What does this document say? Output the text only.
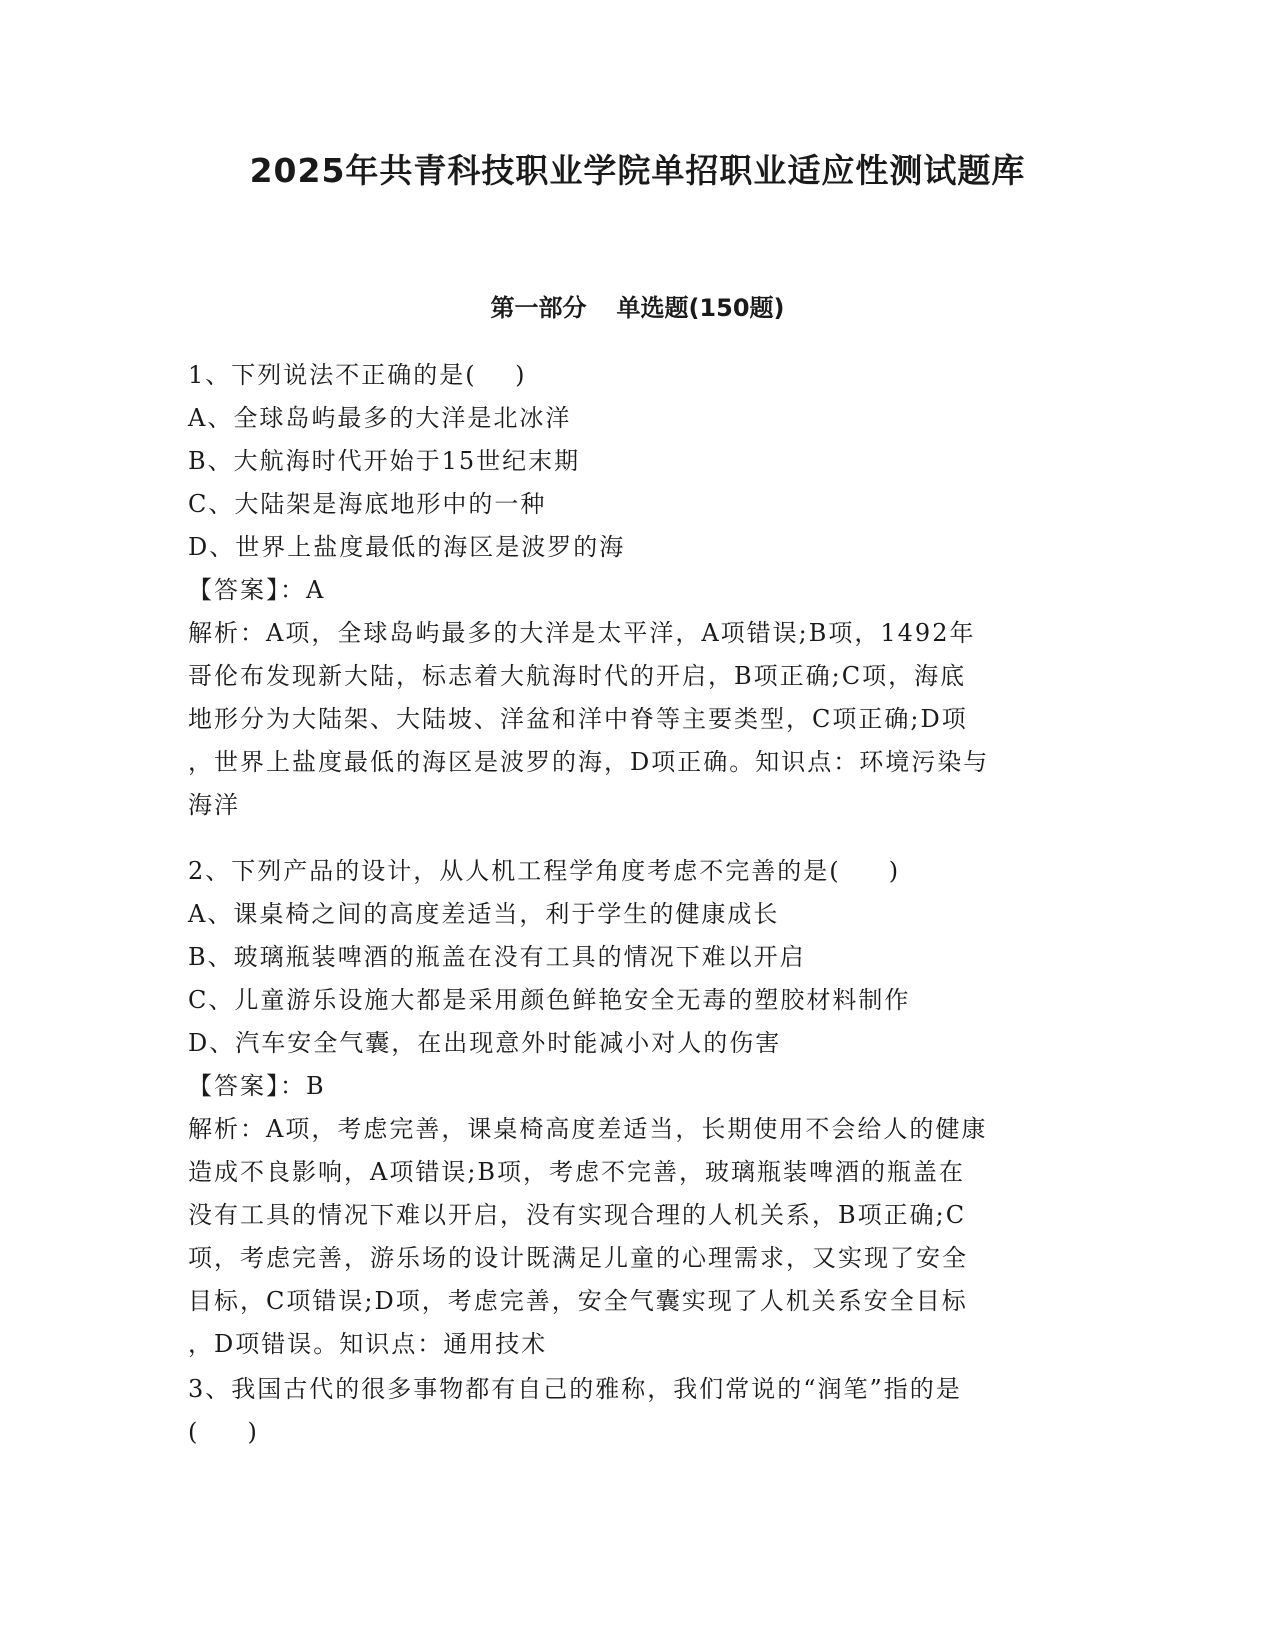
2025年共青科技职业学院单招职业适应性测试题库
第一部分 单选题(150题)
1、下列说法不正确的是(    )
A、全球岛屿最多的大洋是北冰洋
B、大航海时代开始于15世纪末期
C、大陆架是海底地形中的一种
D、世界上盐度最低的海区是波罗的海
【答案】：A
解析：A项，全球岛屿最多的大洋是太平洋，A项错误;B项，1492年
哥伦布发现新大陆，标志着大航海时代的开启，B项正确;C项，海底
地形分为大陆架、大陆坡、洋盆和洋中脊等主要类型，C项正确;D项
，世界上盐度最低的海区是波罗的海，D项正确。知识点：环境污染与
海洋
2、下列产品的设计，从人机工程学角度考虑不完善的是(     )
A、课桌椅之间的高度差适当，利于学生的健康成长
B、玻璃瓶装啤酒的瓶盖在没有工具的情况下难以开启
C、儿童游乐设施大都是采用颜色鲜艳安全无毒的塑胶材料制作
D、汽车安全气囊，在出现意外时能减小对人的伤害
【答案】：B
解析：A项，考虑完善，课桌椅高度差适当，长期使用不会给人的健康
造成不良影响，A项错误;B项，考虑不完善，玻璃瓶装啤酒的瓶盖在
没有工具的情况下难以开启，没有实现合理的人机关系，B项正确;C
项，考虑完善，游乐场的设计既满足儿童的心理需求，又实现了安全
目标，C项错误;D项，考虑完善，安全气囊实现了人机关系安全目标
，D项错误。知识点：通用技术
3、我国古代的很多事物都有自己的雅称，我们常说的“润笔”指的是
(     )
